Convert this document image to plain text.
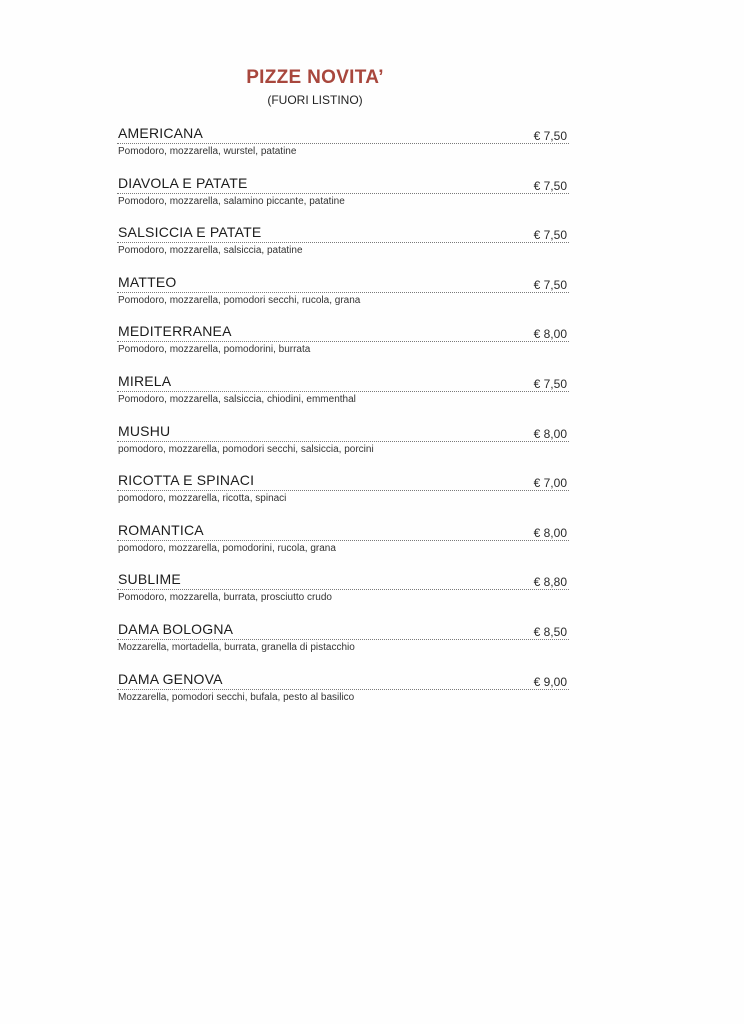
PIZZE NOVITA’
(FUORI LISTINO)
AMERICANA	€ 7,50
Pomodoro, mozzarella, wurstel, patatine
DIAVOLA E PATATE	€ 7,50
Pomodoro, mozzarella, salamino piccante, patatine
SALSICCIA E PATATE	€ 7,50
Pomodoro, mozzarella, salsiccia, patatine
MATTEO	€ 7,50
Pomodoro, mozzarella, pomodori secchi, rucola, grana
MEDITERRANEA	€ 8,00
Pomodoro, mozzarella, pomodorini, burrata
MIRELA	€ 7,50
Pomodoro, mozzarella, salsiccia, chiodini, emmenthal
MUSHU	€ 8,00
pomodoro, mozzarella, pomodori secchi, salsiccia, porcini
RICOTTA E SPINACI	€ 7,00
pomodoro, mozzarella, ricotta, spinaci
ROMANTICA	€ 8,00
pomodoro, mozzarella, pomodorini, rucola, grana
SUBLIME	€ 8,80
Pomodoro, mozzarella, burrata, prosciutto crudo
DAMA BOLOGNA	€ 8,50
Mozzarella, mortadella, burrata, granella di pistacchio
DAMA GENOVA	€ 9,00
Mozzarella, pomodori secchi, bufala, pesto al basilico
